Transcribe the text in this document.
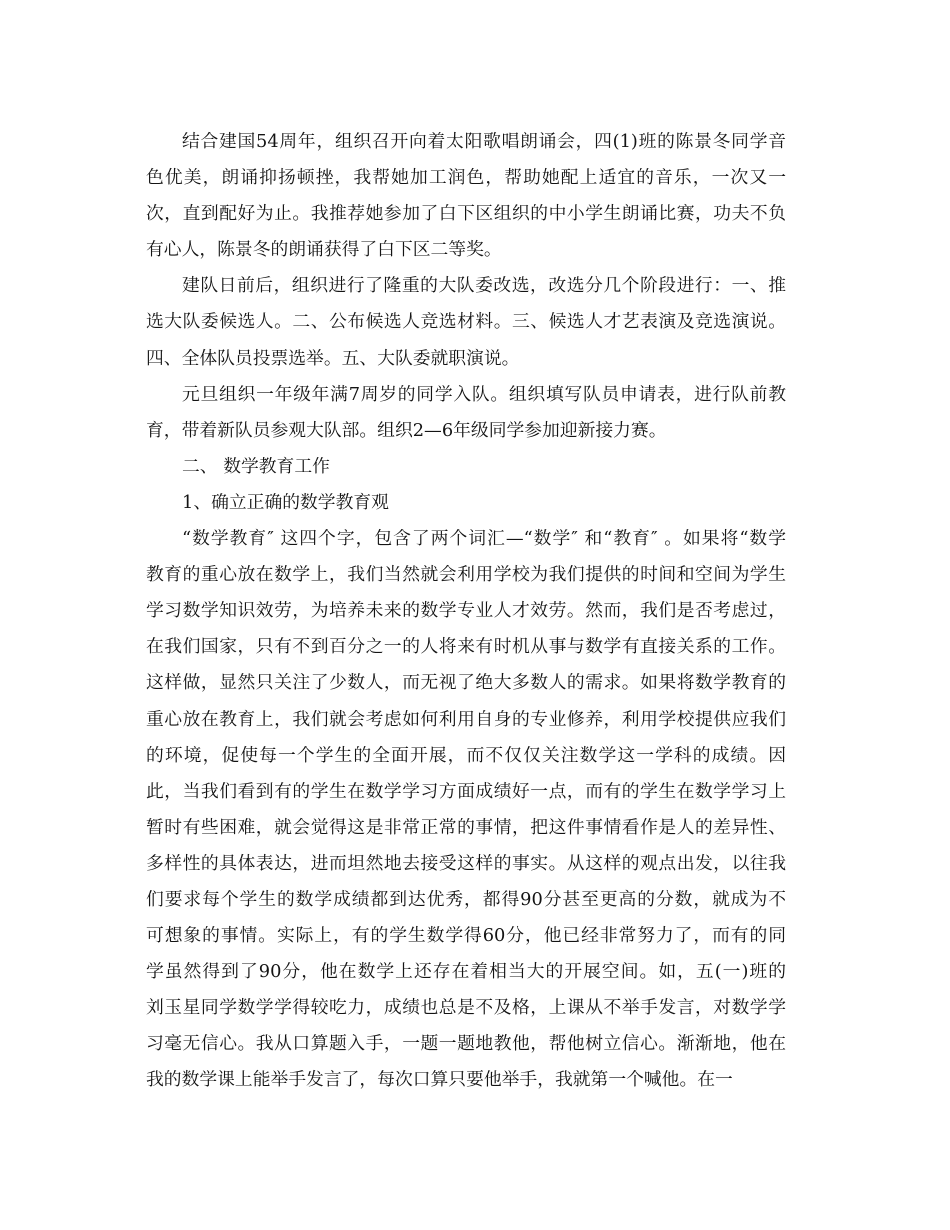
结合建国54周年，组织召开向着太阳歌唱朗诵会，四(1)班的陈景冬同学音
色优美，朗诵抑扬顿挫，我帮她加工润色，帮助她配上适宜的音乐，一次又一
次，直到配好为止。我推荐她参加了白下区组织的中小学生朗诵比赛，功夫不负
有心人，陈景冬的朗诵获得了白下区二等奖。
建队日前后，组织进行了隆重的大队委改选，改选分几个阶段进行：一、推
选大队委候选人。二、公布候选人竞选材料。三、候选人才艺表演及竞选演说。
四、全体队员投票选举。五、大队委就职演说。
元旦组织一年级年满7周岁的同学入队。组织填写队员申请表，进行队前教
育，带着新队员参观大队部。组织2—6年级同学参加迎新接力赛。
二、 数学教育工作
1、确立正确的数学教育观
“数学教育″ 这四个字，包含了两个词汇—“数学″ 和“教育″ 。如果将“数学
教育的重心放在数学上，我们当然就会利用学校为我们提供的时间和空间为学生
学习数学知识效劳，为培养未来的数学专业人才效劳。然而，我们是否考虑过，
在我们国家，只有不到百分之一的人将来有时机从事与数学有直接关系的工作。
这样做，显然只关注了少数人，而无视了绝大多数人的需求。如果将数学教育的
重心放在教育上，我们就会考虑如何利用自身的专业修养，利用学校提供应我们
的环境，促使每一个学生的全面开展，而不仅仅关注数学这一学科的成绩。因
此，当我们看到有的学生在数学学习方面成绩好一点，而有的学生在数学学习上
暂时有些困难，就会觉得这是非常正常的事情，把这件事情看作是人的差异性、
多样性的具体表达，进而坦然地去接受这样的事实。从这样的观点出发，以往我
们要求每个学生的数学成绩都到达优秀，都得90分甚至更高的分数，就成为不
可想象的事情。实际上，有的学生数学得60分，他已经非常努力了，而有的同
学虽然得到了90分，他在数学上还存在着相当大的开展空间。如，五(一)班的
刘玉星同学数学学得较吃力，成绩也总是不及格，上课从不举手发言，对数学学
习毫无信心。我从口算题入手，一题一题地教他，帮他树立信心。渐渐地，他在
我的数学课上能举手发言了，每次口算只要他举手，我就第一个喊他。在一
